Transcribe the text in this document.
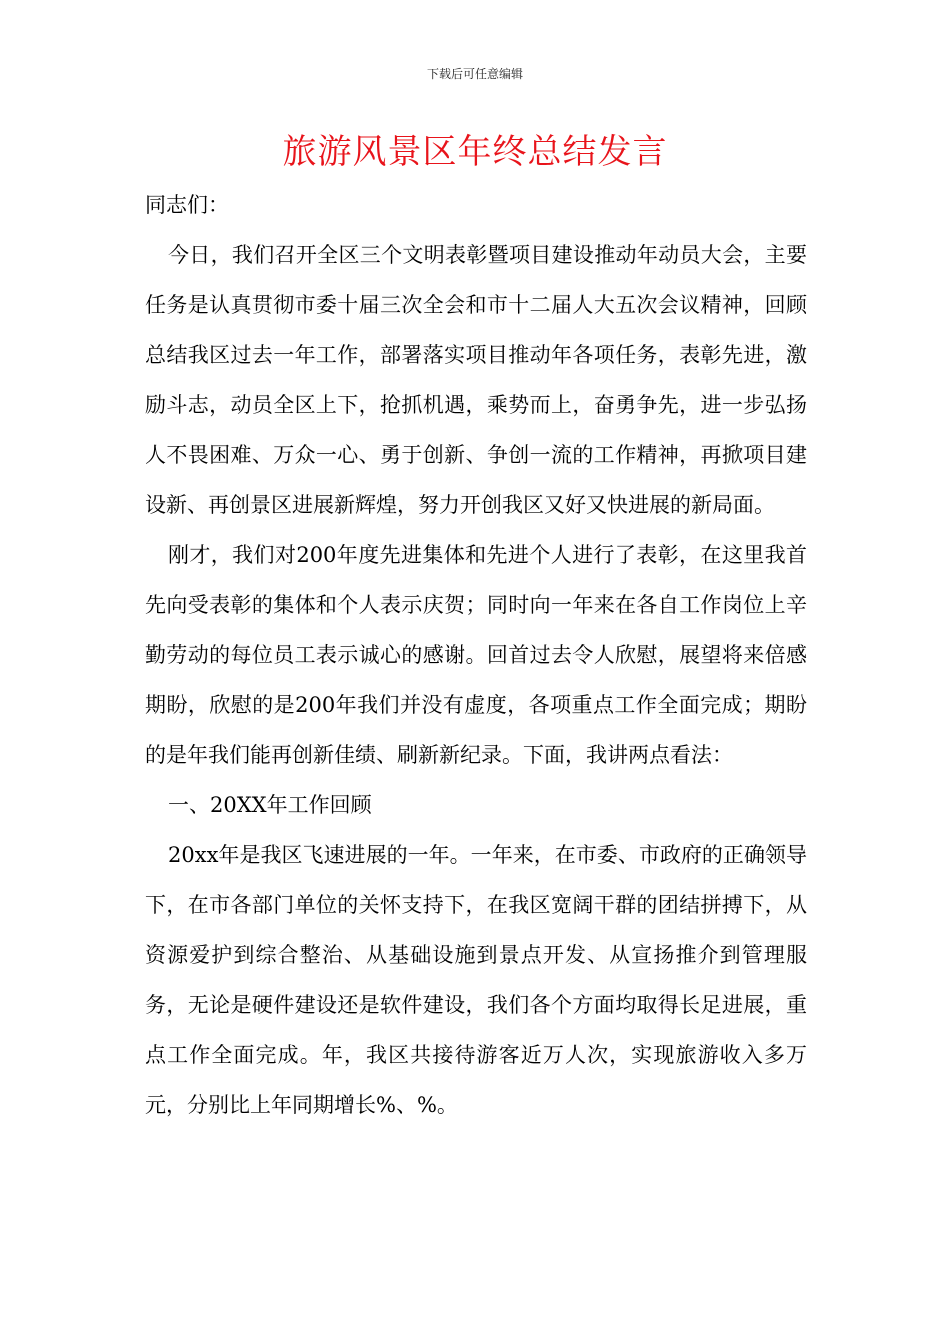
下载后可任意编辑
旅游风景区年终总结发言

同志们：

今日，我们召开全区三个文明表彰暨项目建设推动年动员大会，主要任务是认真贯彻市委十届三次全会和市十二届人大五次会议精神，回顾总结我区过去一年工作，部署落实项目推动年各项任务，表彰先进，激励斗志，动员全区上下，抢抓机遇，乘势而上，奋勇争先，进一步弘扬人不畏困难、万众一心、勇于创新、争创一流的工作精神，再掀项目建设新、再创景区进展新辉煌，努力开创我区又好又快进展的新局面。

刚才，我们对200年度先进集体和先进个人进行了表彰，在这里我首先向受表彰的集体和个人表示庆贺；同时向一年来在各自工作岗位上辛勤劳动的每位员工表示诚心的感谢。回首过去令人欣慰，展望将来倍感期盼，欣慰的是200年我们并没有虚度，各项重点工作全面完成；期盼的是年我们能再创新佳绩、刷新新纪录。下面，我讲两点看法：

一、20XX年工作回顾

20xx年是我区飞速进展的一年。一年来，在市委、市政府的正确领导下，在市各部门单位的关怀支持下，在我区宽阔干群的团结拼搏下，从资源爱护到综合整治、从基础设施到景点开发、从宣扬推介到管理服务，无论是硬件建设还是软件建设，我们各个方面均取得长足进展，重点工作全面完成。年，我区共接待游客近万人次，实现旅游收入多万元，分别比上年同期增长%、%。
